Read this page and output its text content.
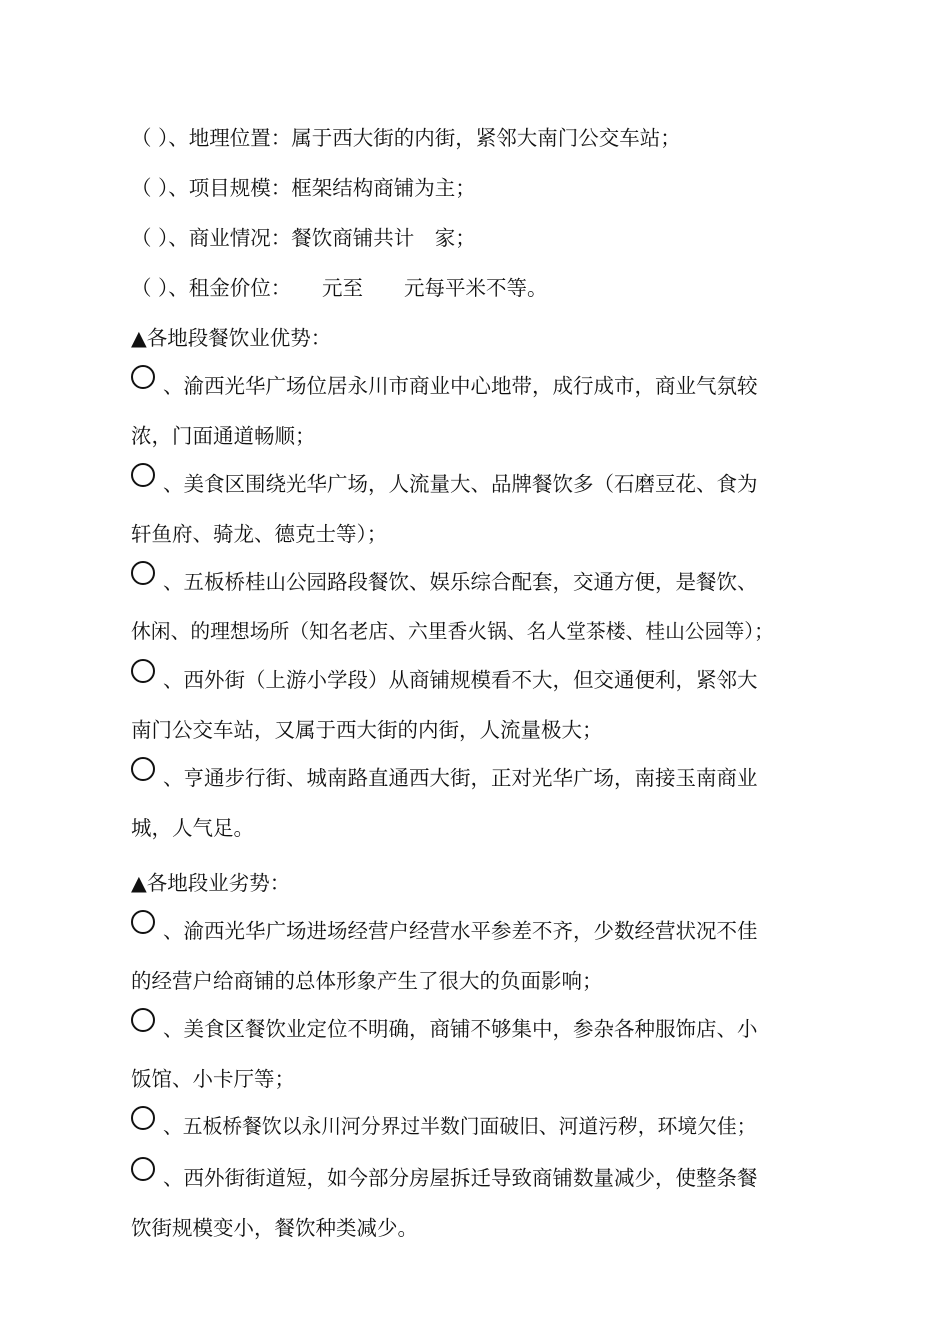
（ ）、地理位置：属于西大街的内街，紧邻大南门公交车站；
（ ）、项目规模：框架结构商铺为主；
（ ）、商业情况：餐饮商铺共计　家；
（ ）、租金价位：　　元至　　元每平米不等。
▲各地段餐饮业优势：
、渝西光华广场位居永川市商业中心地带，成行成市，商业气氛较
浓，门面通道畅顺；
、美食区围绕光华广场，人流量大、品牌餐饮多（石磨豆花、食为
轩鱼府、骑龙、德克士等）；
、五板桥桂山公园路段餐饮、娱乐综合配套，交通方便，是餐饮、
休闲、的理想场所（知名老店、六里香火锅、名人堂茶楼、桂山公园等）；
、西外街（上游小学段）从商铺规模看不大，但交通便利，紧邻大
南门公交车站，又属于西大街的内街，人流量极大；
、亨通步行街、城南路直通西大街，正对光华广场，南接玉南商业
城，人气足。
▲各地段业劣势：
、渝西光华广场进场经营户经营水平参差不齐，少数经营状况不佳
的经营户给商铺的总体形象产生了很大的负面影响；
、美食区餐饮业定位不明确，商铺不够集中，参杂各种服饰店、小
饭馆、小卡厅等；
、五板桥餐饮以永川河分界过半数门面破旧、河道污秽，环境欠佳；
、西外街街道短，如今部分房屋拆迁导致商铺数量减少，使整条餐
饮街规模变小，餐饮种类减少。
